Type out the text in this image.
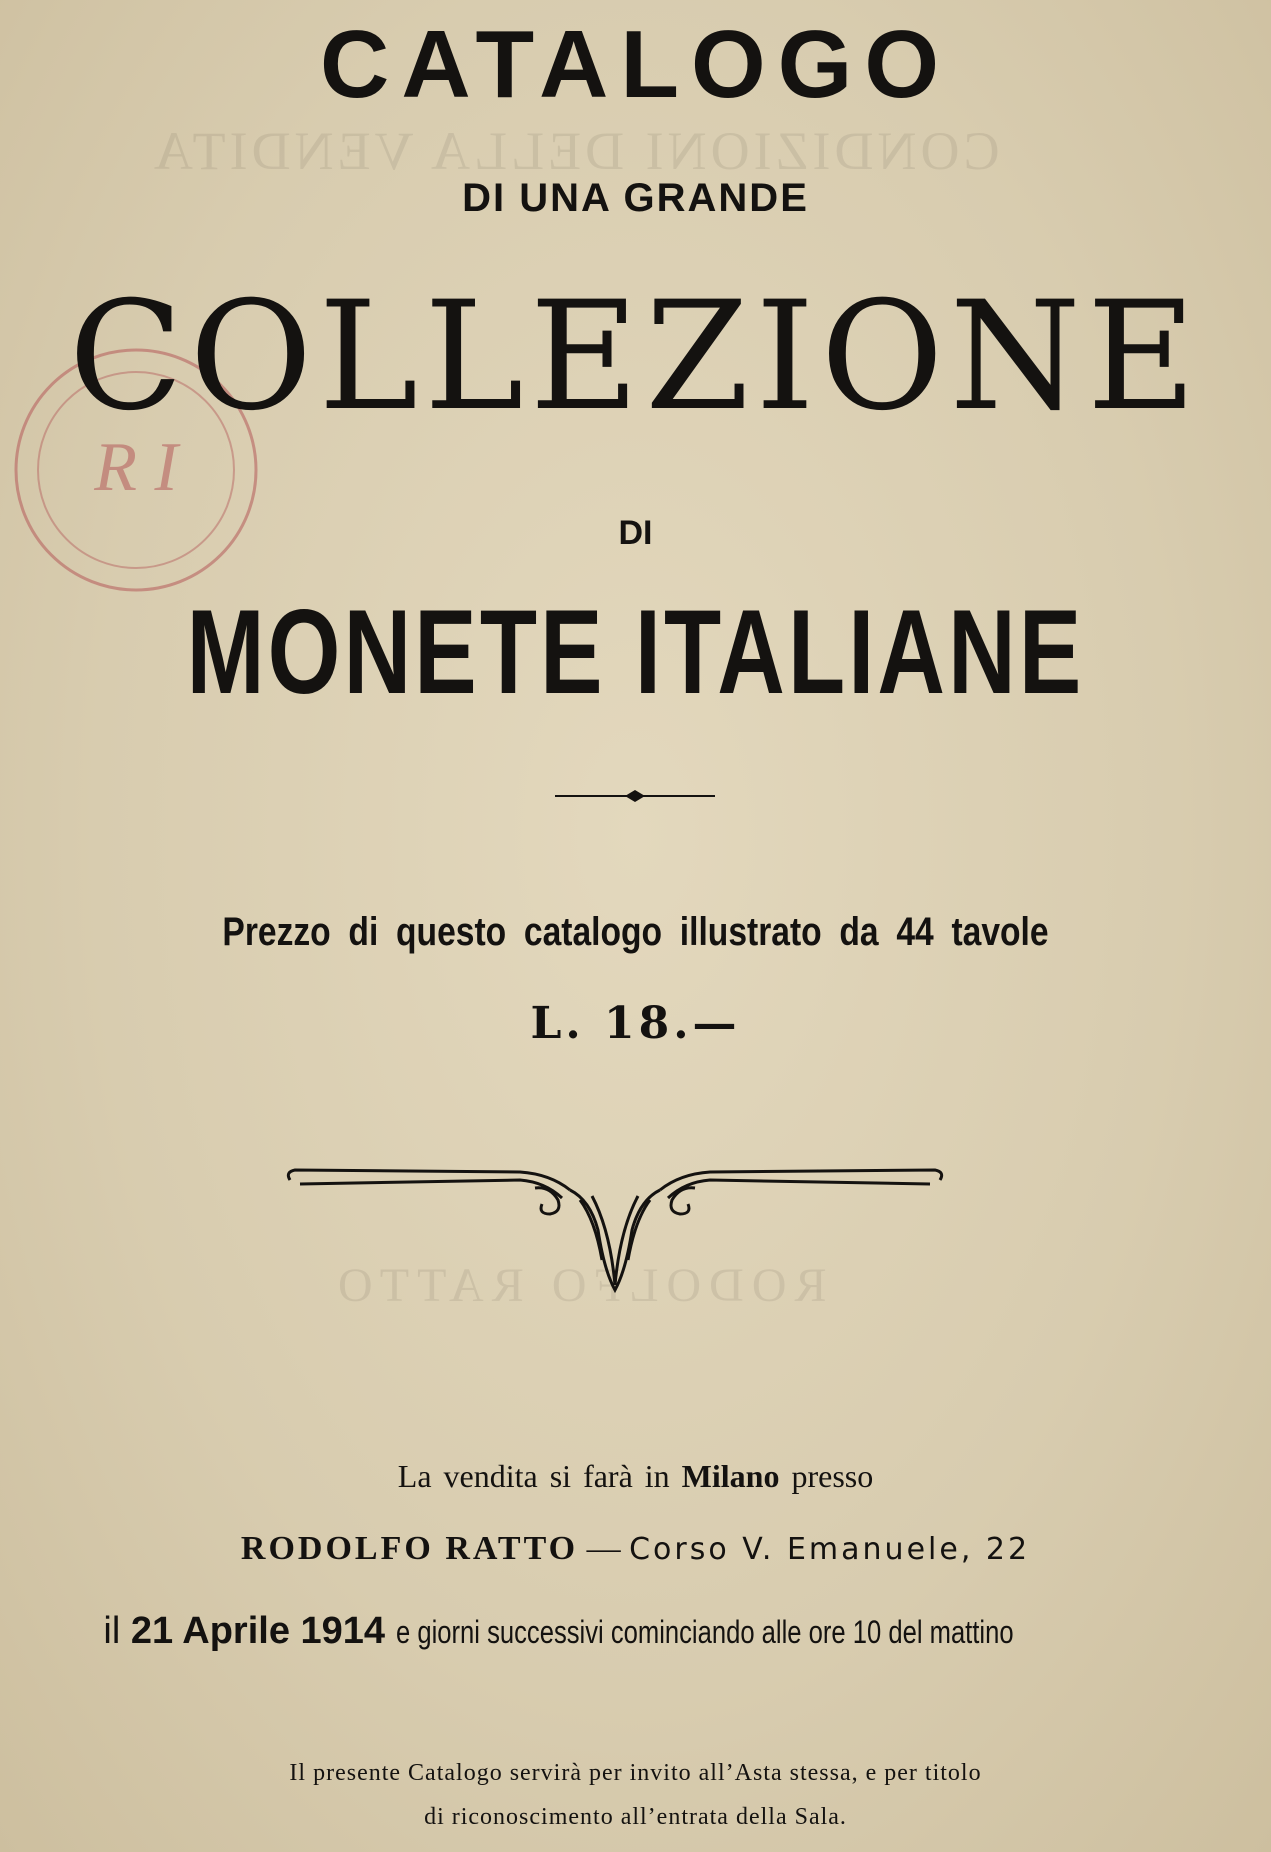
CONDIZIONI DELLA VENDITA
RODOLFO RATTO
R I
CATALOGO
DI UNA GRANDE
COLLEZIONE
DI
MONETE ITALIANE
Prezzo di questo catalogo illustrato da 44 tavole
L. 18.—
La vendita si farà in Milano presso
RODOLFO RATTO — Corso V. Emanuele, 22
il 21 Aprile 1914 e giorni successivi cominciando alle ore 10 del mattino
Il presente Catalogo servirà per invito all’Asta stessa, e per titolo
di riconoscimento all’entrata della Sala.
